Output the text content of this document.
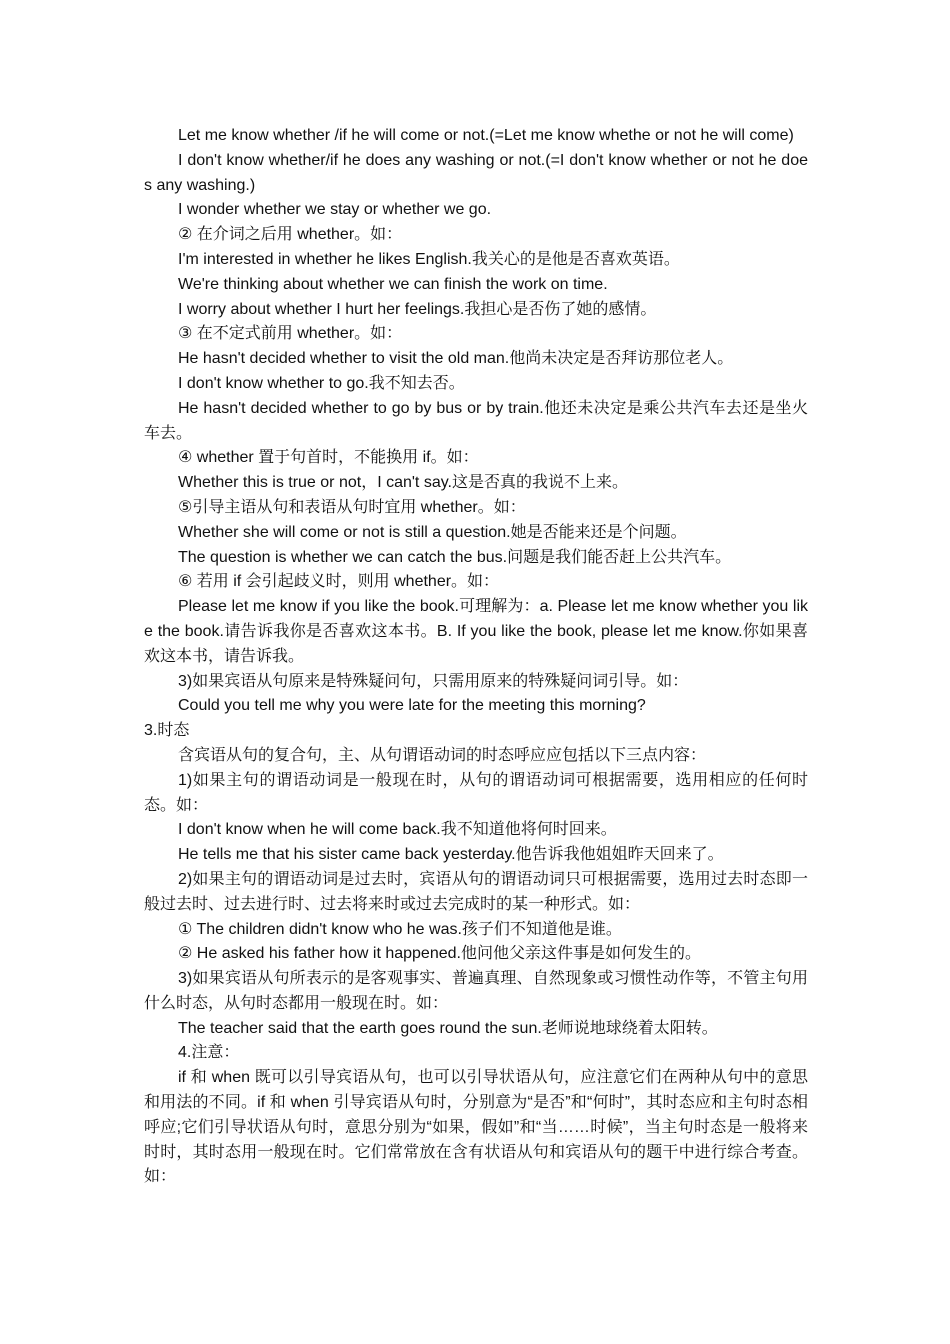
Let me know whether /if he will come or not.(=Let me know whethe or not he will come)

I don't know whether/if he does any washing or not.(=I don't know whether or not he does any washing.)

I wonder whether we stay or whether we go.

② 在介词之后用 whether。如：

I'm interested in whether he likes English.我关心的是他是否喜欢英语。

We're thinking about whether we can finish the work on time.

I worry about whether I hurt her feelings.我担心是否伤了她的感情。

③ 在不定式前用 whether。如：

He hasn't decided whether to visit the old man.他尚未决定是否拜访那位老人。

I don't know whether to go.我不知去否。

He hasn't decided whether to go by bus or by train.他还未决定是乘公共汽车去还是坐火车去。

④ whether 置于句首时，不能换用 if。如：

Whether this is true or not，I can't say.这是否真的我说不上来。

⑤引导主语从句和表语从句时宜用 whether。如：

Whether she will come or not is still a question.她是否能来还是个问题。

The question is whether we can catch the bus.问题是我们能否赶上公共汽车。

⑥ 若用 if 会引起歧义时，则用 whether。如：

Please let me know if you like the book.可理解为：a. Please let me know whether you like the book.请告诉我你是否喜欢这本书。B. If you like the book, please let me know.你如果喜欢这本书，请告诉我。

3)如果宾语从句原来是特殊疑问句，只需用原来的特殊疑问词引导。如：

Could you tell me why you were late for the meeting this morning?

3.时态

含宾语从句的复合句，主、从句谓语动词的时态呼应应包括以下三点内容：

1)如果主句的谓语动词是一般现在时，从句的谓语动词可根据需要，选用相应的任何时态。如：

I don't know when he will come back.我不知道他将何时回来。

He tells me that his sister came back yesterday.他告诉我他姐姐昨天回来了。

2)如果主句的谓语动词是过去时，宾语从句的谓语动词只可根据需要，选用过去时态即一般过去时、过去进行时、过去将来时或过去完成时的某一种形式。如：

① The children didn't know who he was.孩子们不知道他是谁。

② He asked his father how it happened.他问他父亲这件事是如何发生的。

3)如果宾语从句所表示的是客观事实、普遍真理、自然现象或习惯性动作等，不管主句用什么时态，从句时态都用一般现在时。如：

The teacher said that the earth goes round the sun.老师说地球绕着太阳转。

4.注意：

if 和 when 既可以引导宾语从句，也可以引导状语从句，应注意它们在两种从句中的意思和用法的不同。if 和 when 引导宾语从句时，分别意为“是否”和“何时”，其时态应和主句时态相呼应;它们引导状语从句时，意思分别为“如果，假如”和“当……时候”，当主句时态是一般将来时时，其时态用一般现在时。它们常常放在含有状语从句和宾语从句的题干中进行综合考查。如：
